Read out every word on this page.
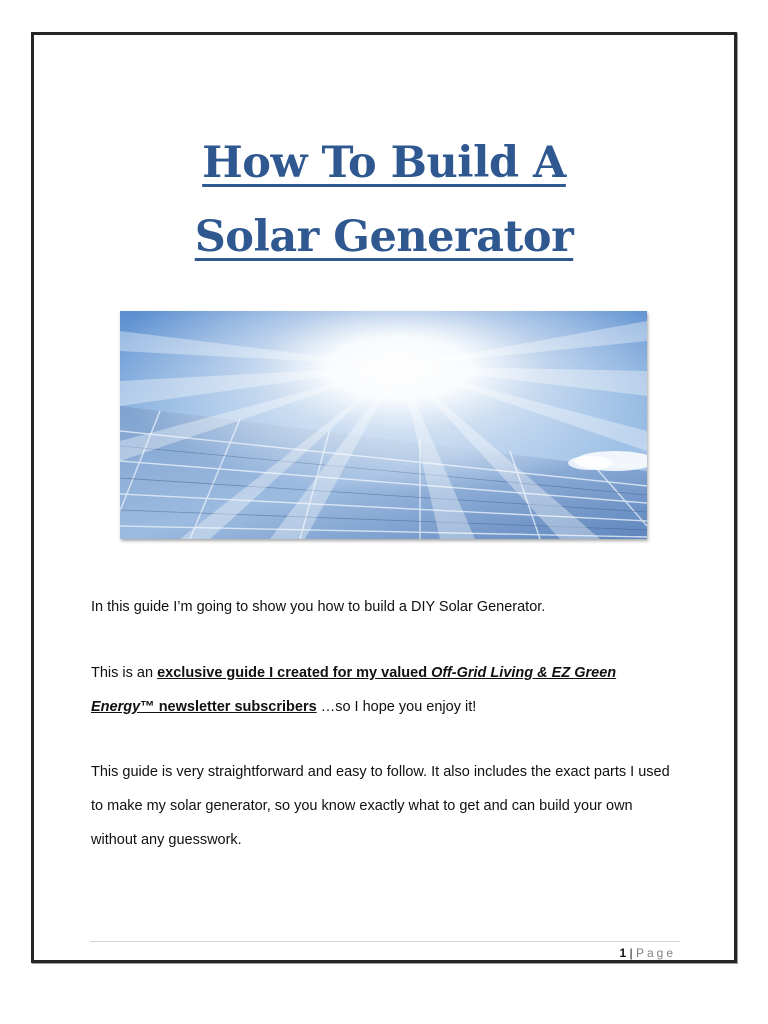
How To Build A
Solar Generator

In this guide I’m going to show you how to build a DIY Solar Generator.

This is an exclusive guide I created for my valued Off-Grid Living & EZ Green Energy™ newsletter subscribers …so I hope you enjoy it!

This guide is very straightforward and easy to follow. It also includes the exact parts I used to make my solar generator, so you know exactly what to get and can build your own without any guesswork.

1 | Page
